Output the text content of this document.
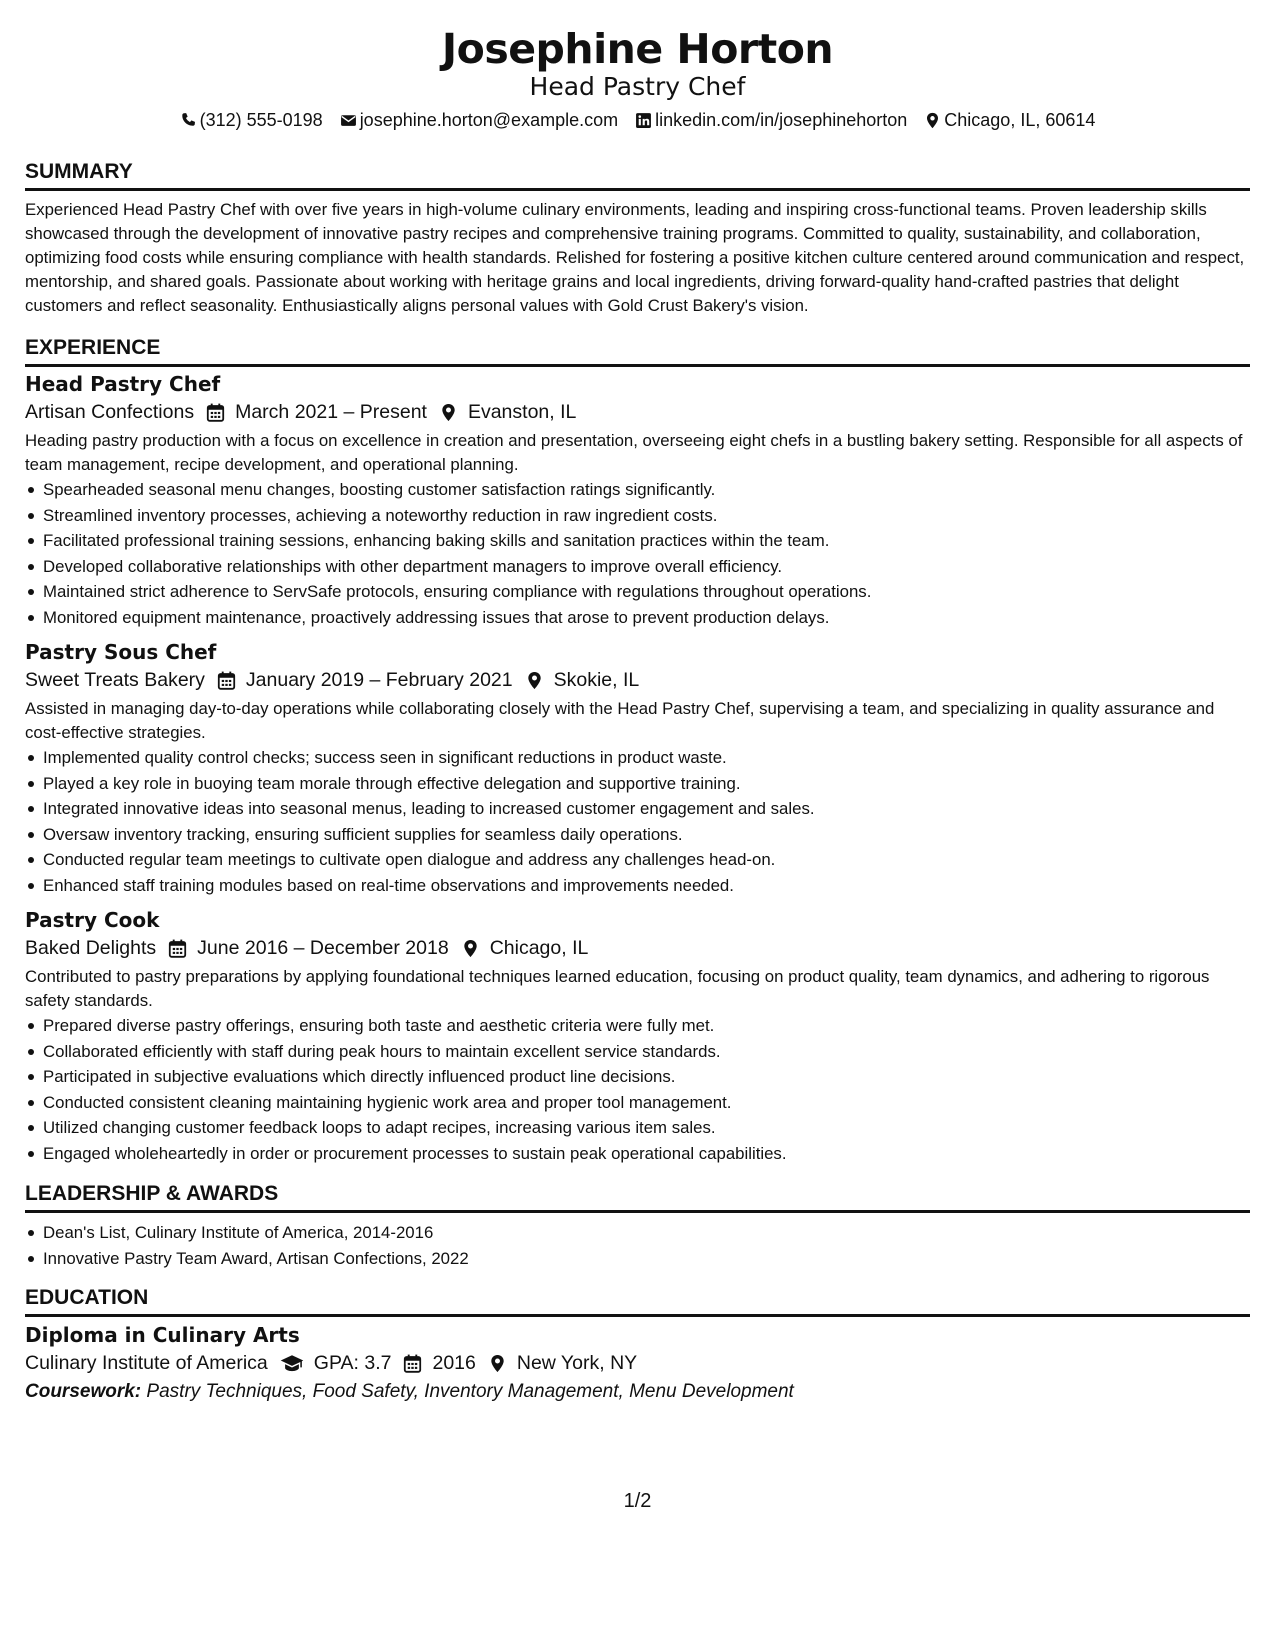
Josephine Horton
Head Pastry Chef
(312) 555-0198 josephine.horton@example.com linkedin.com/in/josephinehorton Chicago, IL, 60614
SUMMARY
Experienced Head Pastry Chef with over five years in high-volume culinary environments, leading and inspiring cross-functional teams. Proven leadership skills showcased through the development of innovative pastry recipes and comprehensive training programs. Committed to quality, sustainability, and collaboration, optimizing food costs while ensuring compliance with health standards. Relished for fostering a positive kitchen culture centered around communication and respect, mentorship, and shared goals. Passionate about working with heritage grains and local ingredients, driving forward-quality hand-crafted pastries that delight customers and reflect seasonality. Enthusiastically aligns personal values with Gold Crust Bakery's vision.
EXPERIENCE
Head Pastry Chef
Artisan Confections March 2021 – Present Evanston, IL
Heading pastry production with a focus on excellence in creation and presentation, overseeing eight chefs in a bustling bakery setting. Responsible for all aspects of team management, recipe development, and operational planning.
Spearheaded seasonal menu changes, boosting customer satisfaction ratings significantly.
Streamlined inventory processes, achieving a noteworthy reduction in raw ingredient costs.
Facilitated professional training sessions, enhancing baking skills and sanitation practices within the team.
Developed collaborative relationships with other department managers to improve overall efficiency.
Maintained strict adherence to ServSafe protocols, ensuring compliance with regulations throughout operations.
Monitored equipment maintenance, proactively addressing issues that arose to prevent production delays.
Pastry Sous Chef
Sweet Treats Bakery January 2019 – February 2021 Skokie, IL
Assisted in managing day-to-day operations while collaborating closely with the Head Pastry Chef, supervising a team, and specializing in quality assurance and cost-effective strategies.
Implemented quality control checks; success seen in significant reductions in product waste.
Played a key role in buoying team morale through effective delegation and supportive training.
Integrated innovative ideas into seasonal menus, leading to increased customer engagement and sales.
Oversaw inventory tracking, ensuring sufficient supplies for seamless daily operations.
Conducted regular team meetings to cultivate open dialogue and address any challenges head-on.
Enhanced staff training modules based on real-time observations and improvements needed.
Pastry Cook
Baked Delights June 2016 – December 2018 Chicago, IL
Contributed to pastry preparations by applying foundational techniques learned education, focusing on product quality, team dynamics, and adhering to rigorous safety standards.
Prepared diverse pastry offerings, ensuring both taste and aesthetic criteria were fully met.
Collaborated efficiently with staff during peak hours to maintain excellent service standards.
Participated in subjective evaluations which directly influenced product line decisions.
Conducted consistent cleaning maintaining hygienic work area and proper tool management.
Utilized changing customer feedback loops to adapt recipes, increasing various item sales.
Engaged wholeheartedly in order or procurement processes to sustain peak operational capabilities.
LEADERSHIP & AWARDS
Dean's List, Culinary Institute of America, 2014-2016
Innovative Pastry Team Award, Artisan Confections, 2022
EDUCATION
Diploma in Culinary Arts
Culinary Institute of America GPA: 3.7 2016 New York, NY
Coursework: Pastry Techniques, Food Safety, Inventory Management, Menu Development
1/2
